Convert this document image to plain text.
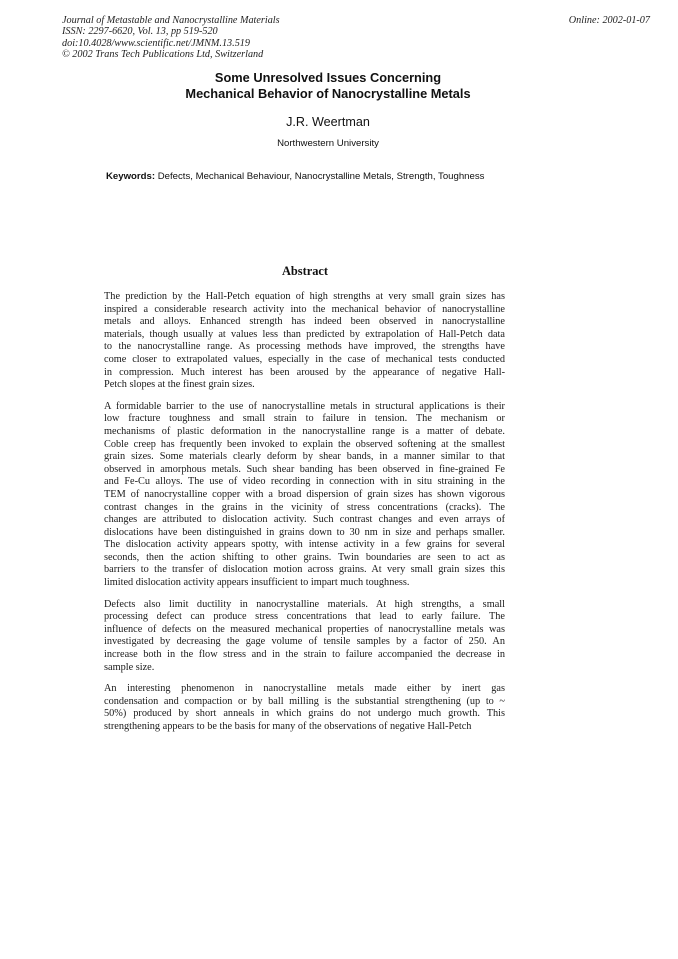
Journal of Metastable and Nanocrystalline Materials
ISSN: 2297-6620, Vol. 13, pp 519-520
doi:10.4028/www.scientific.net/JMNM.13.519
© 2002 Trans Tech Publications Ltd, Switzerland
Online: 2002-01-07
Some Unresolved Issues Concerning
Mechanical Behavior of Nanocrystalline Metals
J.R. Weertman
Northwestern University
Keywords: Defects, Mechanical Behaviour, Nanocrystalline Metals, Strength, Toughness
Abstract

The prediction by the Hall-Petch equation of high strengths at very small grain sizes has
inspired a considerable research activity into the mechanical behavior of nanocrystalline
metals and alloys. Enhanced strength has indeed been observed in nanocrystalline
materials, though usually at values less than predicted by extrapolation of Hall-Petch data
to the nanocrystalline range. As processing methods have improved, the strengths have
come closer to extrapolated values, especially in the case of mechanical tests conducted
in compression. Much interest has been aroused by the appearance of negative Hall-
Petch slopes at the finest grain sizes.

A formidable barrier to the use of nanocrystalline metals in structural applications is their
low fracture toughness and small strain to failure in tension. The mechanism or
mechanisms of plastic deformation in the nanocrystalline range is a matter of debate.
Coble creep has frequently been invoked to explain the observed softening at the smallest
grain sizes. Some materials clearly deform by shear bands, in a manner similar to that
observed in amorphous metals. Such shear banding has been observed in fine-grained Fe
and Fe-Cu alloys. The use of video recording in connection with in situ straining in the
TEM of nanocrystalline copper with a broad dispersion of grain sizes has shown vigorous
contrast changes in the grains in the vicinity of stress concentrations (cracks). The
changes are attributed to dislocation activity. Such contrast changes and even arrays of
dislocations have been distinguished in grains down to 30 nm in size and perhaps smaller.
The dislocation activity appears spotty, with intense activity in a few grains for several
seconds, then the action shifting to other grains. Twin boundaries are seen to act as
barriers to the transfer of dislocation motion across grains. At very small grain sizes this
limited dislocation activity appears insufficient to impart much toughness.

Defects also limit ductility in nanocrystalline materials. At high strengths, a small
processing defect can produce stress concentrations that lead to early failure. The
influence of defects on the measured mechanical properties of nanocrystalline metals was
investigated by decreasing the gage volume of tensile samples by a factor of 250. An
increase both in the flow stress and in the strain to failure accompanied the decrease in
sample size.

An interesting phenomenon in nanocrystalline metals made either by inert gas
condensation and compaction or by ball milling is the substantial strengthening (up to ~
50%) produced by short anneals in which grains do not undergo much growth. This
strengthening appears to be the basis for many of the observations of negative Hall-Petch
